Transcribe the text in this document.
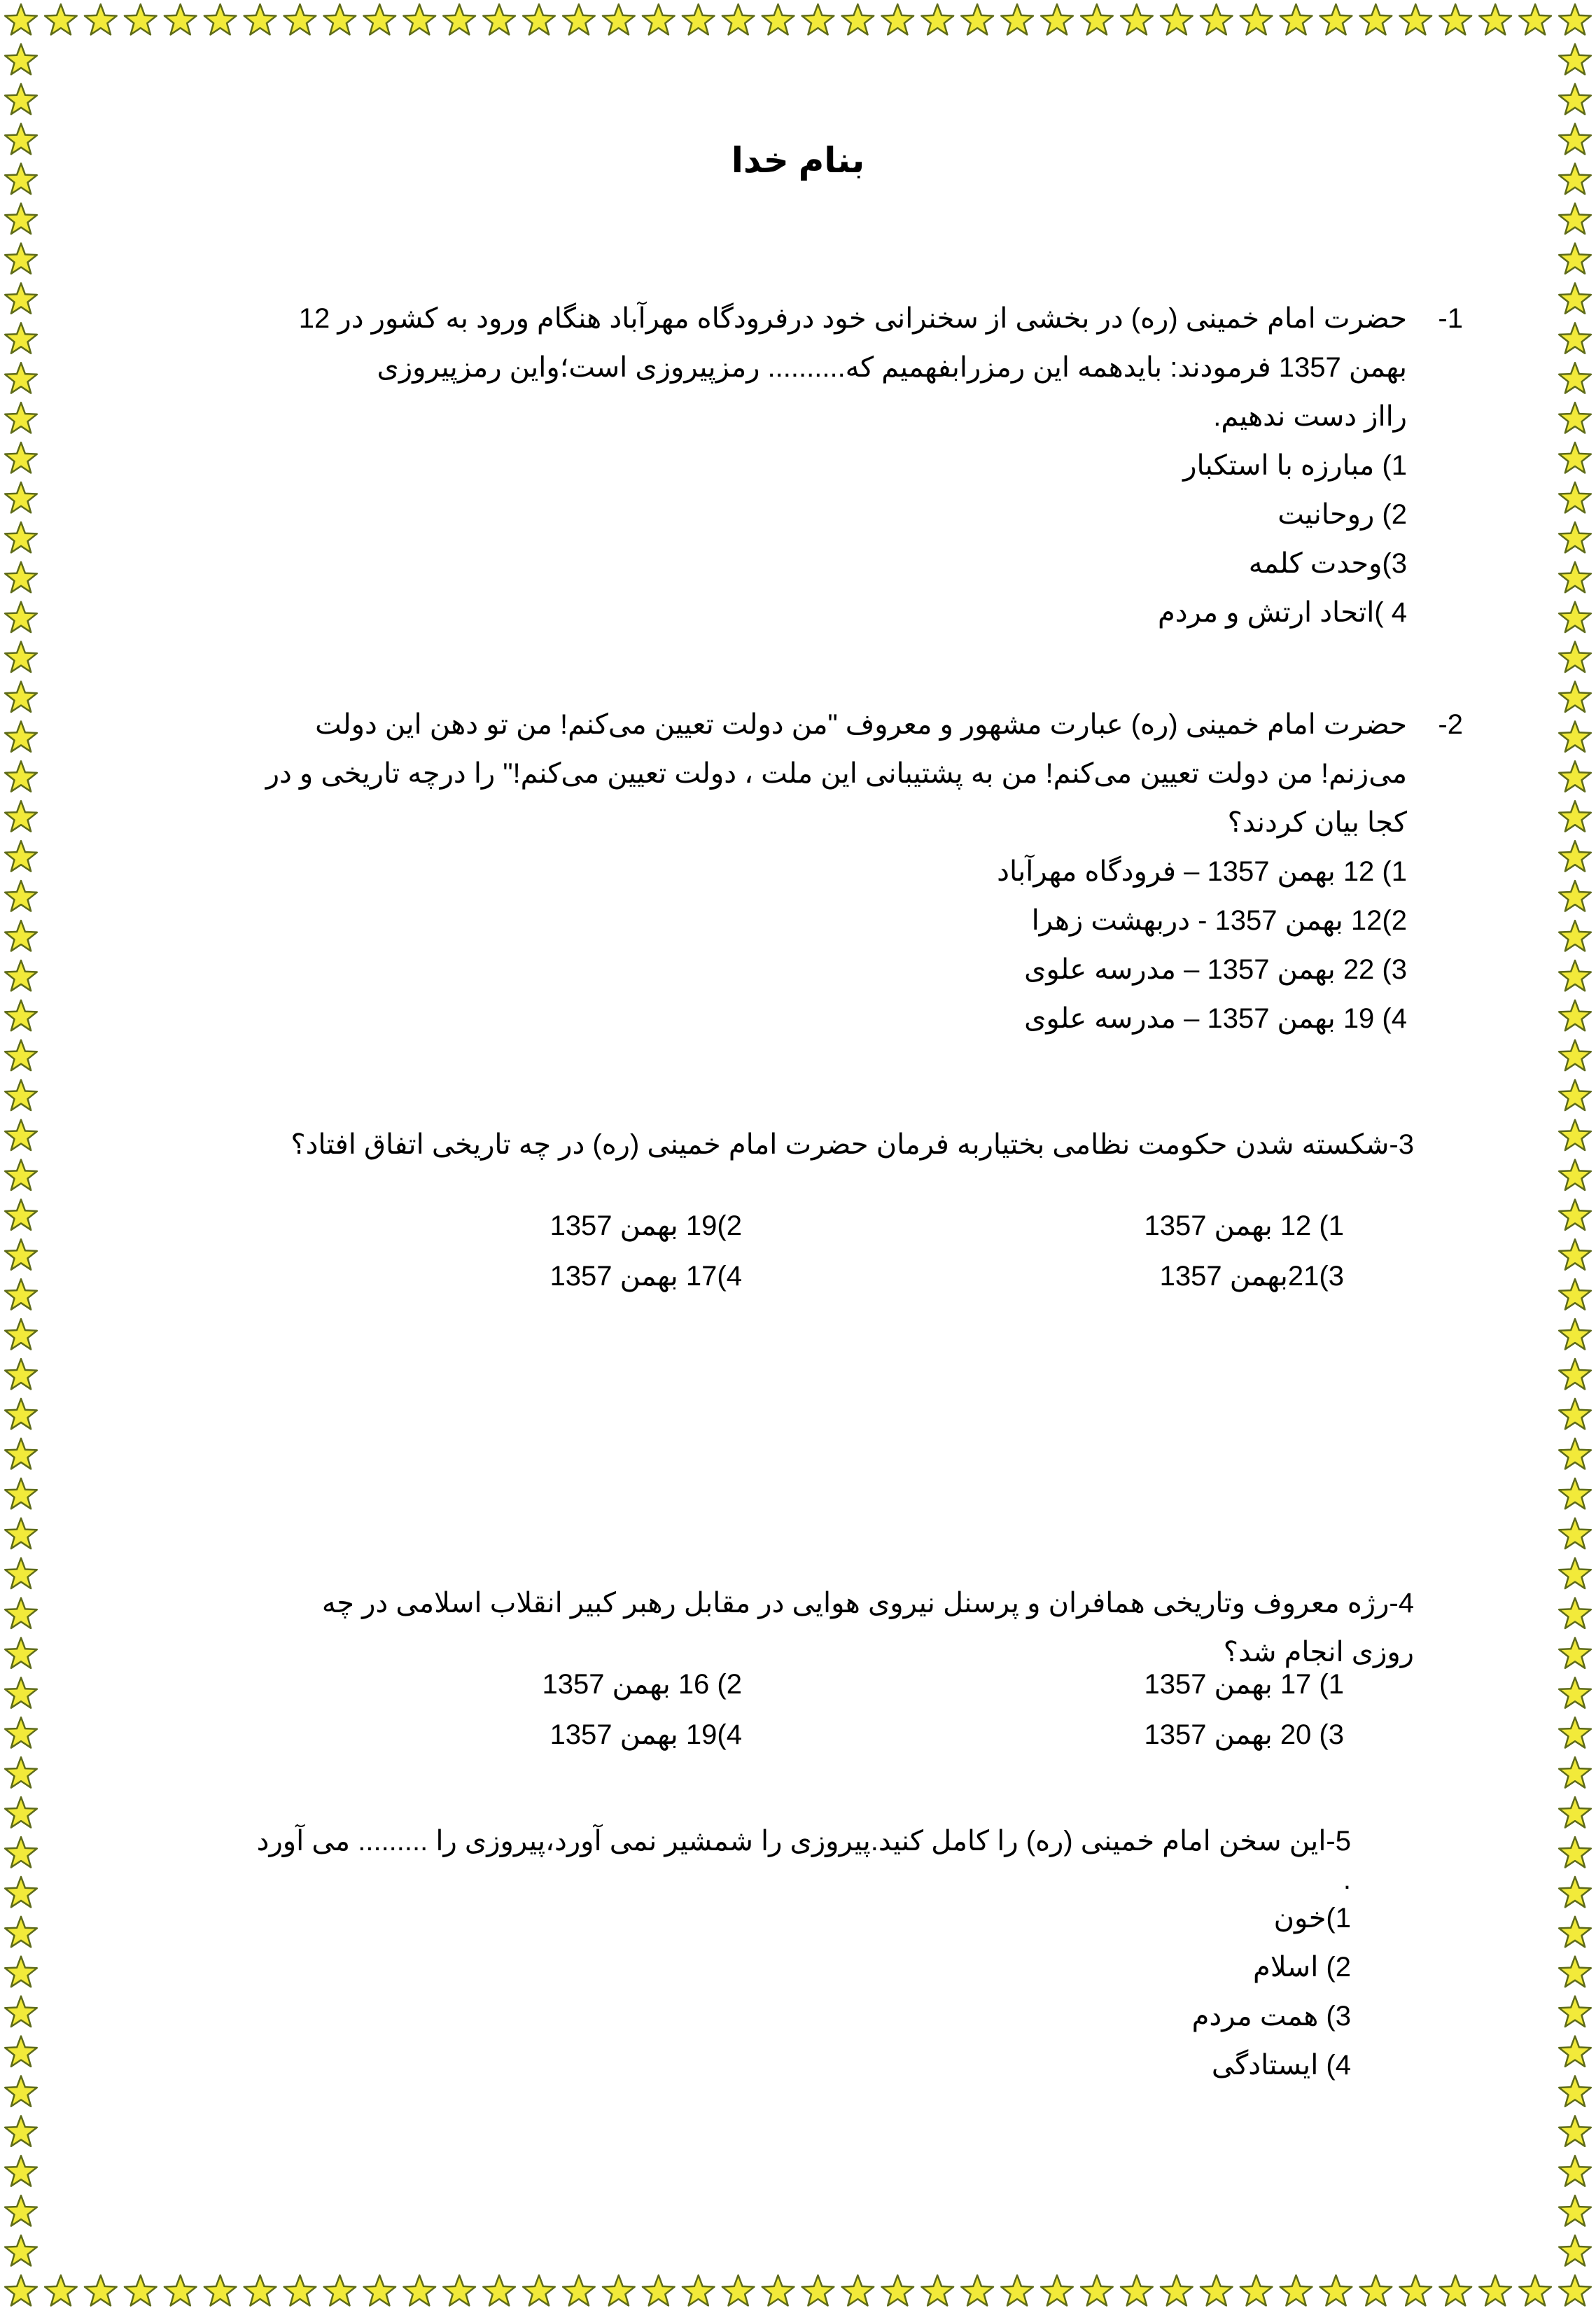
بنام خدا
1-
حضرت امام خمینی (ره) در بخشی از سخنرانی خود درفرودگاه مهرآباد هنگام ورود به کشور در 12
بهمن 1357 فرمودند: بایدهمه این رمزرابفهمیم که.......... رمزپیروزی است؛واین رمزپیروزی
رااز دست ندهیم.
1) مبارزه با استکبار
2) روحانیت
3)وحدت کلمه
4 )اتحاد ارتش و مردم
2-
حضرت امام خمینی (ره) عبارت مشهور و معروف "من دولت تعیین می‌کنم! من تو دهن این دولت
می‌زنم! من دولت تعیین می‌کنم! من به پشتیبانی این ملت ، دولت تعیین می‌کنم!" را درچه تاریخی و در
کجا بیان کردند؟
1) 12 بهمن 1357 – فرودگاه مهرآباد
2)12 بهمن 1357 - دربهشت زهرا
3) 22 بهمن 1357 – مدرسه علوی
4) 19 بهمن 1357 – مدرسه علوی
3-شکسته شدن حکومت نظامی بختیاربه فرمان حضرت امام خمینی (ره) در چه تاریخی اتفاق افتاد؟
1) 12 بهمن 1357
2)19 بهمن 1357
3)21بهمن 1357
4)17 بهمن 1357
4-رژه معروف وتاریخی همافران و پرسنل نیروی هوایی در مقابل رهبر کبیر انقلاب اسلامی در چه
روزی انجام شد؟
1) 17 بهمن 1357
2) 16 بهمن 1357
3) 20 بهمن 1357
4)19 بهمن 1357
5-این سخن امام خمینی (ره) را کامل کنید.پیروزی را شمشیر نمی آورد،پیروزی را ......... می آورد
.
1)خون
2) اسلام
3) همت مردم
4) ایستادگی
